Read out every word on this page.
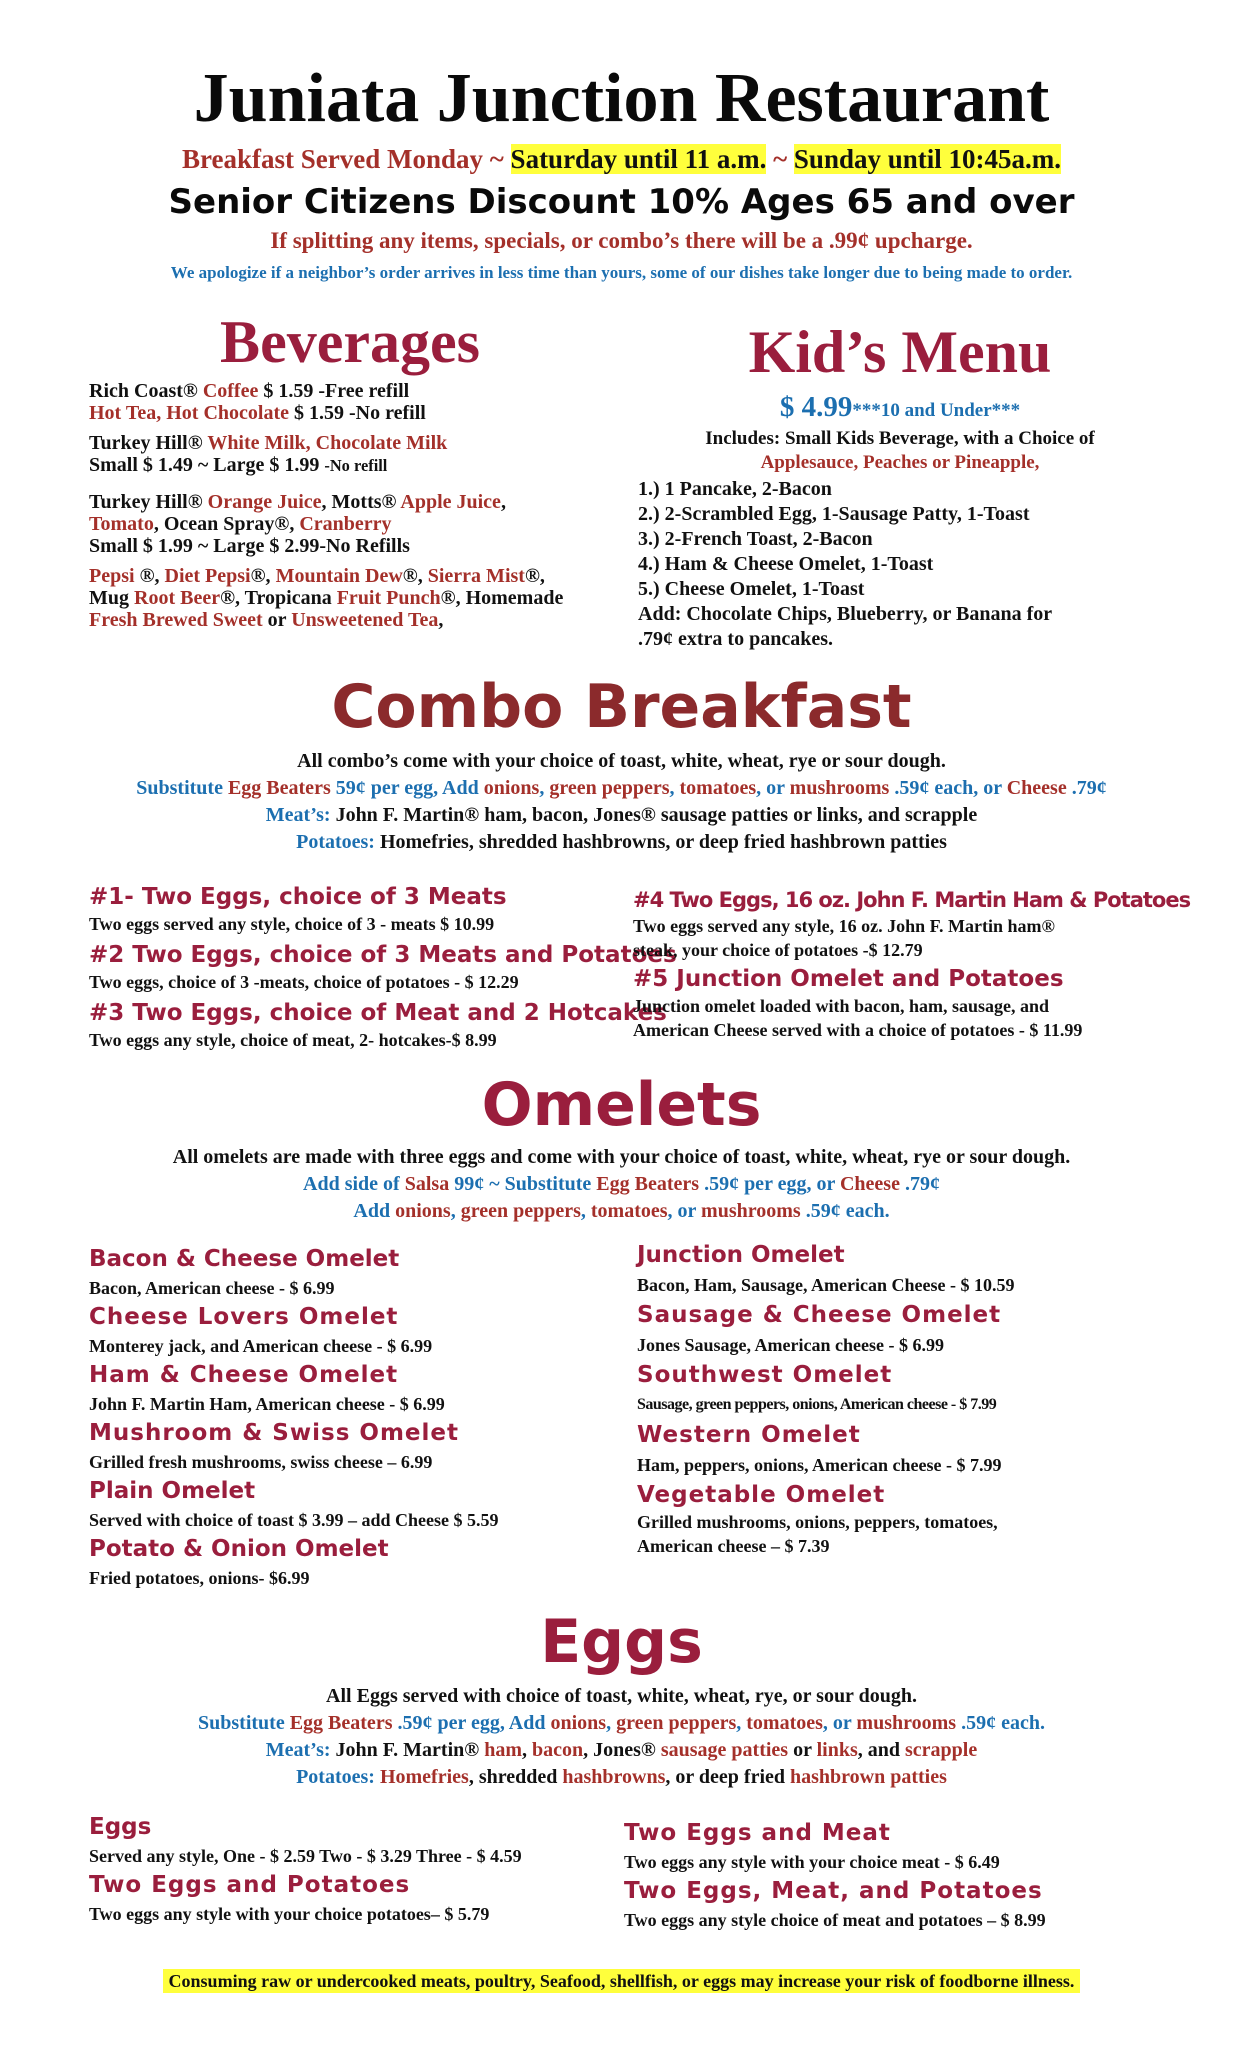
Juniata Junction Restaurant
Breakfast Served Monday ~ Saturday until 11 a.m. ~ Sunday until 10:45a.m.
Senior Citizens Discount 10% Ages 65 and over
If splitting any items, specials, or combo’s there will be a .99¢ upcharge.
We apologize if a neighbor’s order arrives in less time than yours, some of our dishes take longer due to being made to order.
Beverages
Rich Coast® Coffee $ 1.59 -Free refill
Hot Tea, Hot Chocolate $ 1.59 -No refill
Turkey Hill® White Milk, Chocolate Milk
Small $ 1.49 ~ Large $ 1.99 -No refill
Turkey Hill® Orange Juice, Motts® Apple Juice,
Tomato, Ocean Spray®, Cranberry
Small $ 1.99 ~ Large $ 2.99-No Refills
Pepsi ®, Diet Pepsi®, Mountain Dew®, Sierra Mist®,
Mug Root Beer®, Tropicana Fruit Punch®, Homemade
Fresh Brewed Sweet or Unsweetened Tea,
Kid’s Menu
$ 4.99***10 and Under***
Includes: Small Kids Beverage, with a Choice of
Applesauce, Peaches or Pineapple,
1.) 1 Pancake, 2-Bacon
2.) 2-Scrambled Egg, 1-Sausage Patty, 1-Toast
3.) 2-French Toast, 2-Bacon
4.) Ham & Cheese Omelet, 1-Toast
5.) Cheese Omelet, 1-Toast
Add: Chocolate Chips, Blueberry, or Banana for
.79¢ extra to pancakes.
Combo Breakfast
All combo’s come with your choice of toast, white, wheat, rye or sour dough.
Substitute Egg Beaters 59¢ per egg, Add onions, green peppers, tomatoes, or mushrooms .59¢ each, or Cheese .79¢
Meat’s: John F. Martin® ham, bacon, Jones® sausage patties or links, and scrapple
Potatoes: Homefries, shredded hashbrowns, or deep fried hashbrown patties
#1- Two Eggs, choice of 3 Meats
Two eggs served any style, choice of 3 - meats $ 10.99
#2 Two Eggs, choice of 3 Meats and Potatoes
Two eggs, choice of 3 -meats, choice of potatoes - $ 12.29
#3 Two Eggs, choice of Meat and 2 Hotcakes
Two eggs any style, choice of meat, 2- hotcakes-$ 8.99
#4 Two Eggs, 16 oz. John F. Martin Ham & Potatoes
Two eggs served any style, 16 oz. John F. Martin ham®
steak, your choice of potatoes -$ 12.79
#5 Junction Omelet and Potatoes
Junction omelet loaded with bacon, ham, sausage, and
American Cheese served with a choice of potatoes - $ 11.99
Omelets
All omelets are made with three eggs and come with your choice of toast, white, wheat, rye or sour dough.
Add side of Salsa 99¢ ~ Substitute Egg Beaters .59¢ per egg, or Cheese .79¢
Add onions, green peppers, tomatoes, or mushrooms .59¢ each.
Bacon & Cheese Omelet
Bacon, American cheese - $ 6.99
Cheese Lovers Omelet
Monterey jack, and American cheese - $ 6.99
Ham & Cheese Omelet
John F. Martin Ham, American cheese - $ 6.99
Mushroom & Swiss Omelet
Grilled fresh mushrooms, swiss cheese – 6.99
Plain Omelet
Served with choice of toast $ 3.99 – add Cheese $ 5.59
Potato & Onion Omelet
Fried potatoes, onions- $6.99
Junction Omelet
Bacon, Ham, Sausage, American Cheese - $ 10.59
Sausage & Cheese Omelet
Jones Sausage, American cheese - $ 6.99
Southwest Omelet
Sausage, green peppers, onions, American cheese - $ 7.99
Western Omelet
Ham, peppers, onions, American cheese - $ 7.99
Vegetable Omelet
Grilled mushrooms, onions, peppers, tomatoes,
American cheese – $ 7.39
Eggs
All Eggs served with choice of toast, white, wheat, rye, or sour dough.
Substitute Egg Beaters .59¢ per egg, Add onions, green peppers, tomatoes, or mushrooms .59¢ each.
Meat’s: John F. Martin® ham, bacon, Jones® sausage patties or links, and scrapple
Potatoes: Homefries, shredded hashbrowns, or deep fried hashbrown patties
Eggs
Served any style, One - $ 2.59 Two - $ 3.29 Three - $ 4.59
Two Eggs and Potatoes
Two eggs any style with your choice potatoes– $ 5.79
Two Eggs and Meat
Two eggs any style with your choice meat - $ 6.49
Two Eggs, Meat, and Potatoes
Two eggs any style choice of meat and potatoes – $ 8.99
Consuming raw or undercooked meats, poultry, Seafood, shellfish, or eggs may increase your risk of foodborne illness.
